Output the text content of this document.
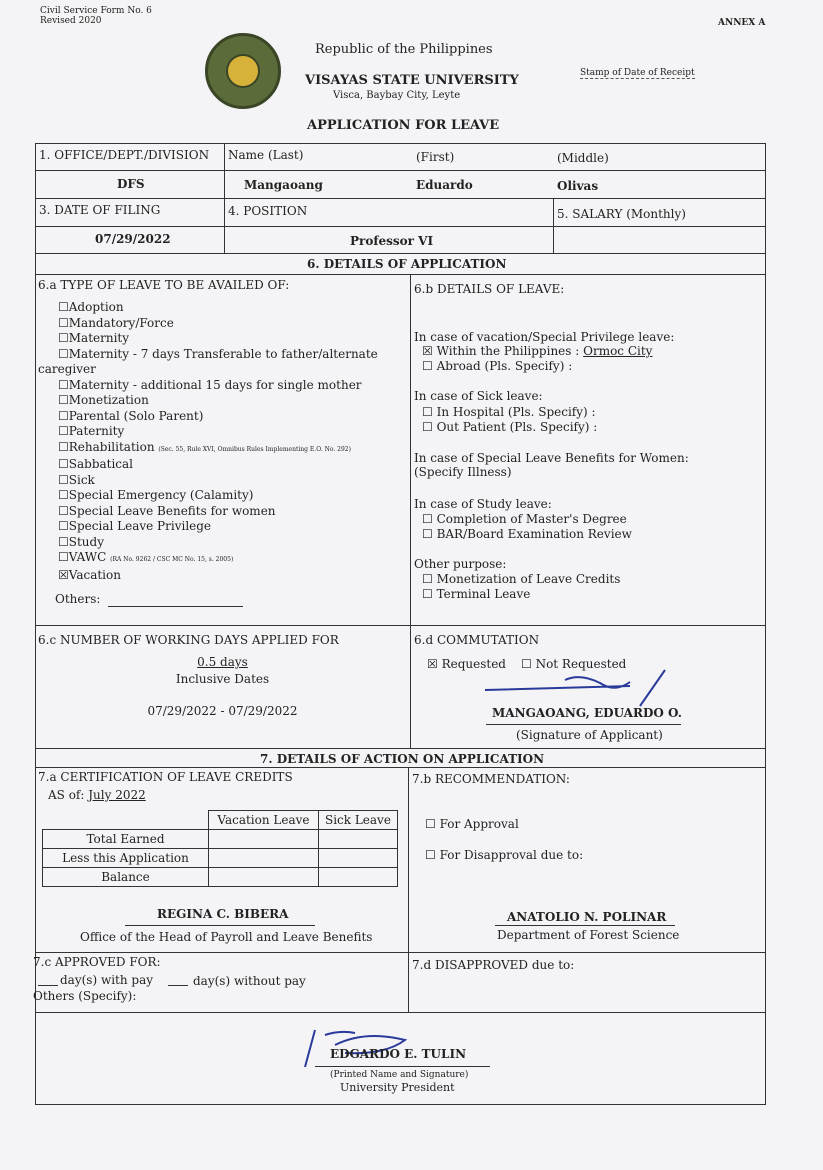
Civil Service Form No. 6
Revised 2020	ANNEX A
Republic of the Philippines
VISAYAS STATE UNIVERSITY
Visca, Baybay City, Leyte
Stamp of Date of Receipt
APPLICATION FOR LEAVE
1. OFFICE/DEPT./DIVISION Name (Last)	(First)	(Middle)
DFS	Mangaoang	Eduardo	Olivas
3. DATE OF FILING	4. POSITION	5. SALARY (Monthly)
07/29/2022	Professor VI
6. DETAILS OF APPLICATION
6.a TYPE OF LEAVE TO BE AVAILED OF:
☐Adoption
☐Mandatory/Force
☐Maternity
☐Maternity - 7 days Transferable to father/alternate
caregiver
☐Maternity - additional 15 days for single mother
☐Monetization
☐Parental (Solo Parent)
☐Paternity
☐Rehabilitation (Sec. 55, Rule XVI, Omnibus Rules Implementing E.O. No. 292)
☐Sabbatical
☐Sick
☐Special Emergency (Calamity)
☐Special Leave Benefits for women
☐Special Leave Privilege
☐Study
☐VAWC (RA No. 9262 / CSC MC No. 15, s. 2005)
☒Vacation
Others:
6.b DETAILS OF LEAVE:
In case of vacation/Special Privilege leave:
☒ Within the Philippines : Ormoc City
☐ Abroad (Pls. Specify) :
In case of Sick leave:
☐ In Hospital (Pls. Specify) :
☐ Out Patient (Pls. Specify) :
In case of Special Leave Benefits for Women:
(Specify Illness)
In case of Study leave:
☐ Completion of Master's Degree
☐ BAR/Board Examination Review
Other purpose:
☐ Monetization of Leave Credits
☐ Terminal Leave
6.c NUMBER OF WORKING DAYS APPLIED FOR
0.5 days
Inclusive Dates
07/29/2022 - 07/29/2022
6.d COMMUTATION
☒ Requested ☐ Not Requested
MANGAOANG, EDUARDO O.
(Signature of Applicant)
7. DETAILS OF ACTION ON APPLICATION
7.a CERTIFICATION OF LEAVE CREDITS
AS of: July 2022
	Vacation Leave	Sick Leave
Total Earned		
Less this Application		
Balance		
REGINA C. BIBERA
Office of the Head of Payroll and Leave Benefits
7.b RECOMMENDATION:
☐ For Approval
☐ For Disapproval due to:
ANATOLIO N. POLINAR
Department of Forest Science
7.c APPROVED FOR:
day(s) with pay	day(s) without pay
Others (Specify):
7.d DISAPPROVED due to:
EDGARDO E. TULIN
(Printed Name and Signature)
University President
